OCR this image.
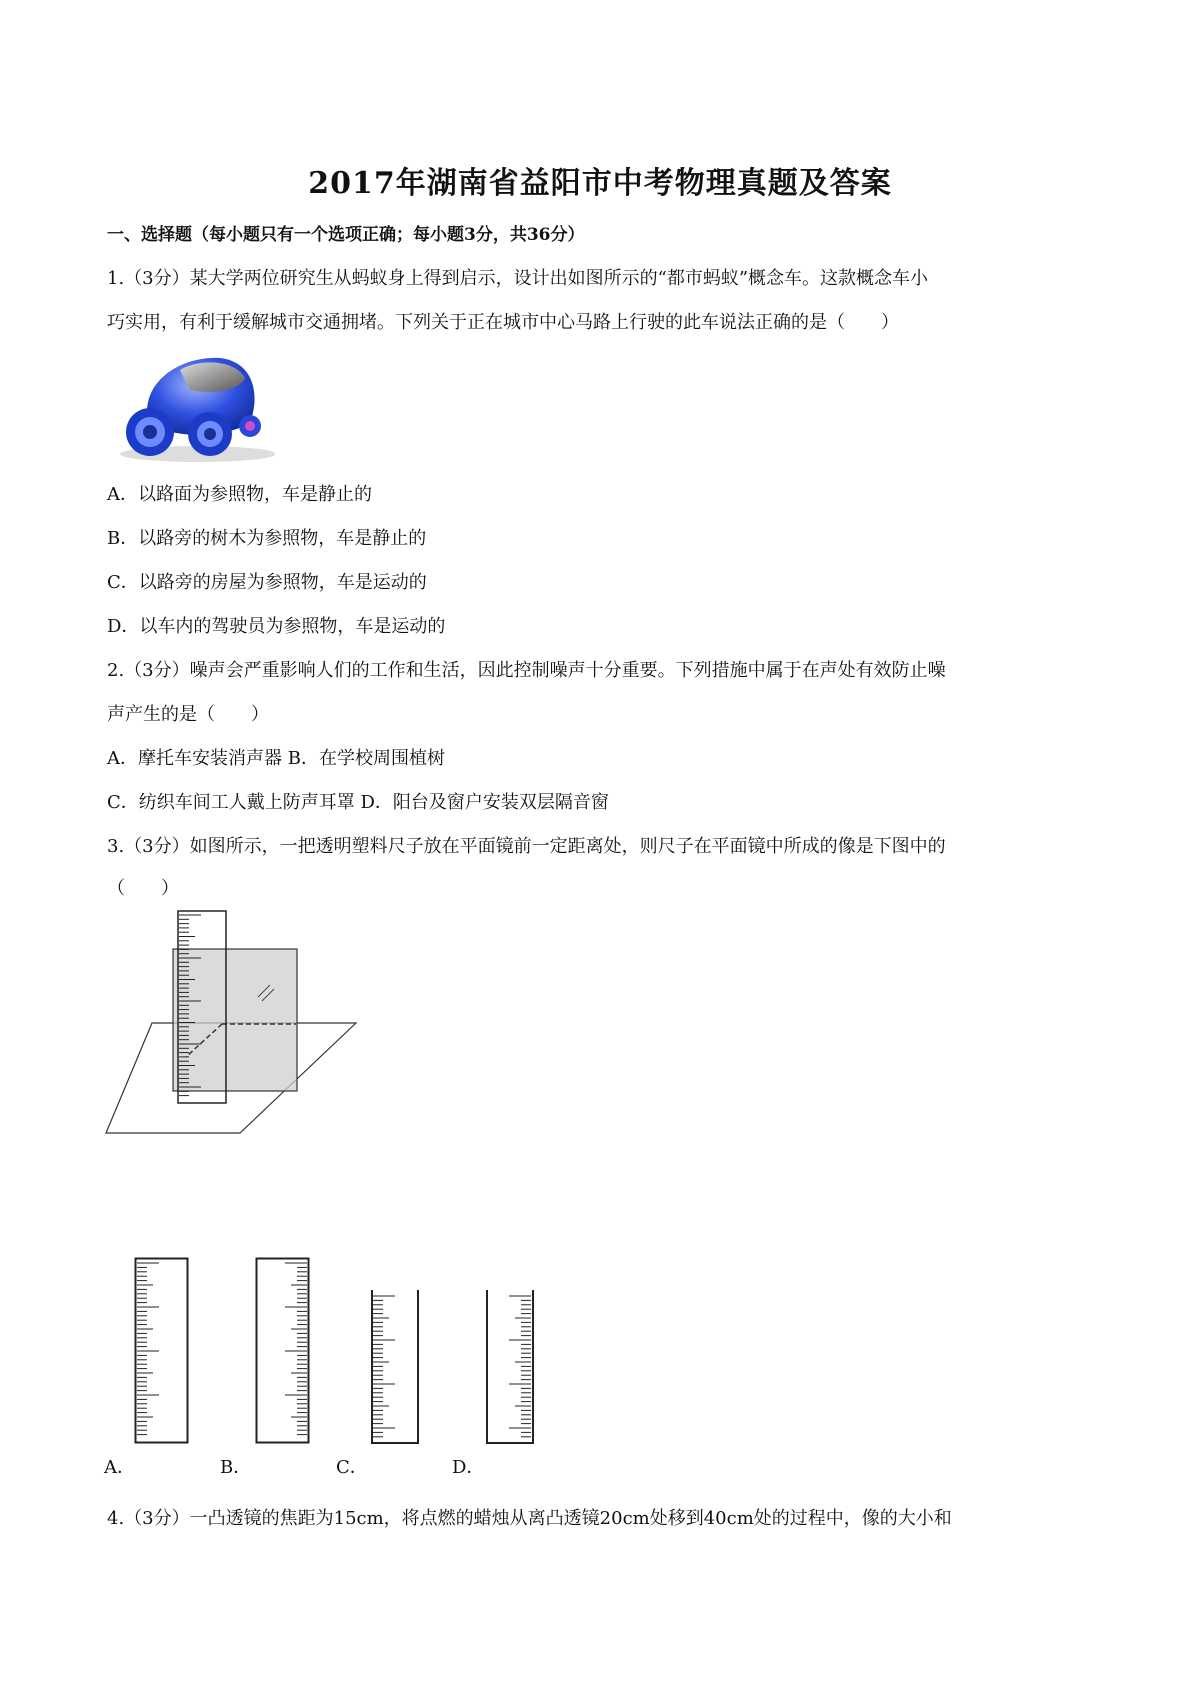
2017年湖南省益阳市中考物理真题及答案
一、选择题（每小题只有一个选项正确；每小题3分，共36分）
1.（3分）某大学两位研究生从蚂蚁身上得到启示，设计出如图所示的“都市蚂蚁”概念车。这款概念车小
巧实用，有利于缓解城市交通拥堵。下列关于正在城市中心马路上行驶的此车说法正确的是（　　）
A．以路面为参照物，车是静止的
B．以路旁的树木为参照物，车是静止的
C．以路旁的房屋为参照物，车是运动的
D．以车内的驾驶员为参照物，车是运动的
2.（3分）噪声会严重影响人们的工作和生活，因此控制噪声十分重要。下列措施中属于在声处有效防止噪
声产生的是（　　）
A．摩托车安装消声器 B．在学校周围植树
C．纺织车间工人戴上防声耳罩 D．阳台及窗户安装双层隔音窗
3.（3分）如图所示，一把透明塑料尺子放在平面镜前一定距离处，则尺子在平面镜中所成的像是下图中的
（　　）
A．	B．	C．	D．
4.（3分）一凸透镜的焦距为15cm，将点燃的蜡烛从离凸透镜20cm处移到40cm处的过程中，像的大小和
